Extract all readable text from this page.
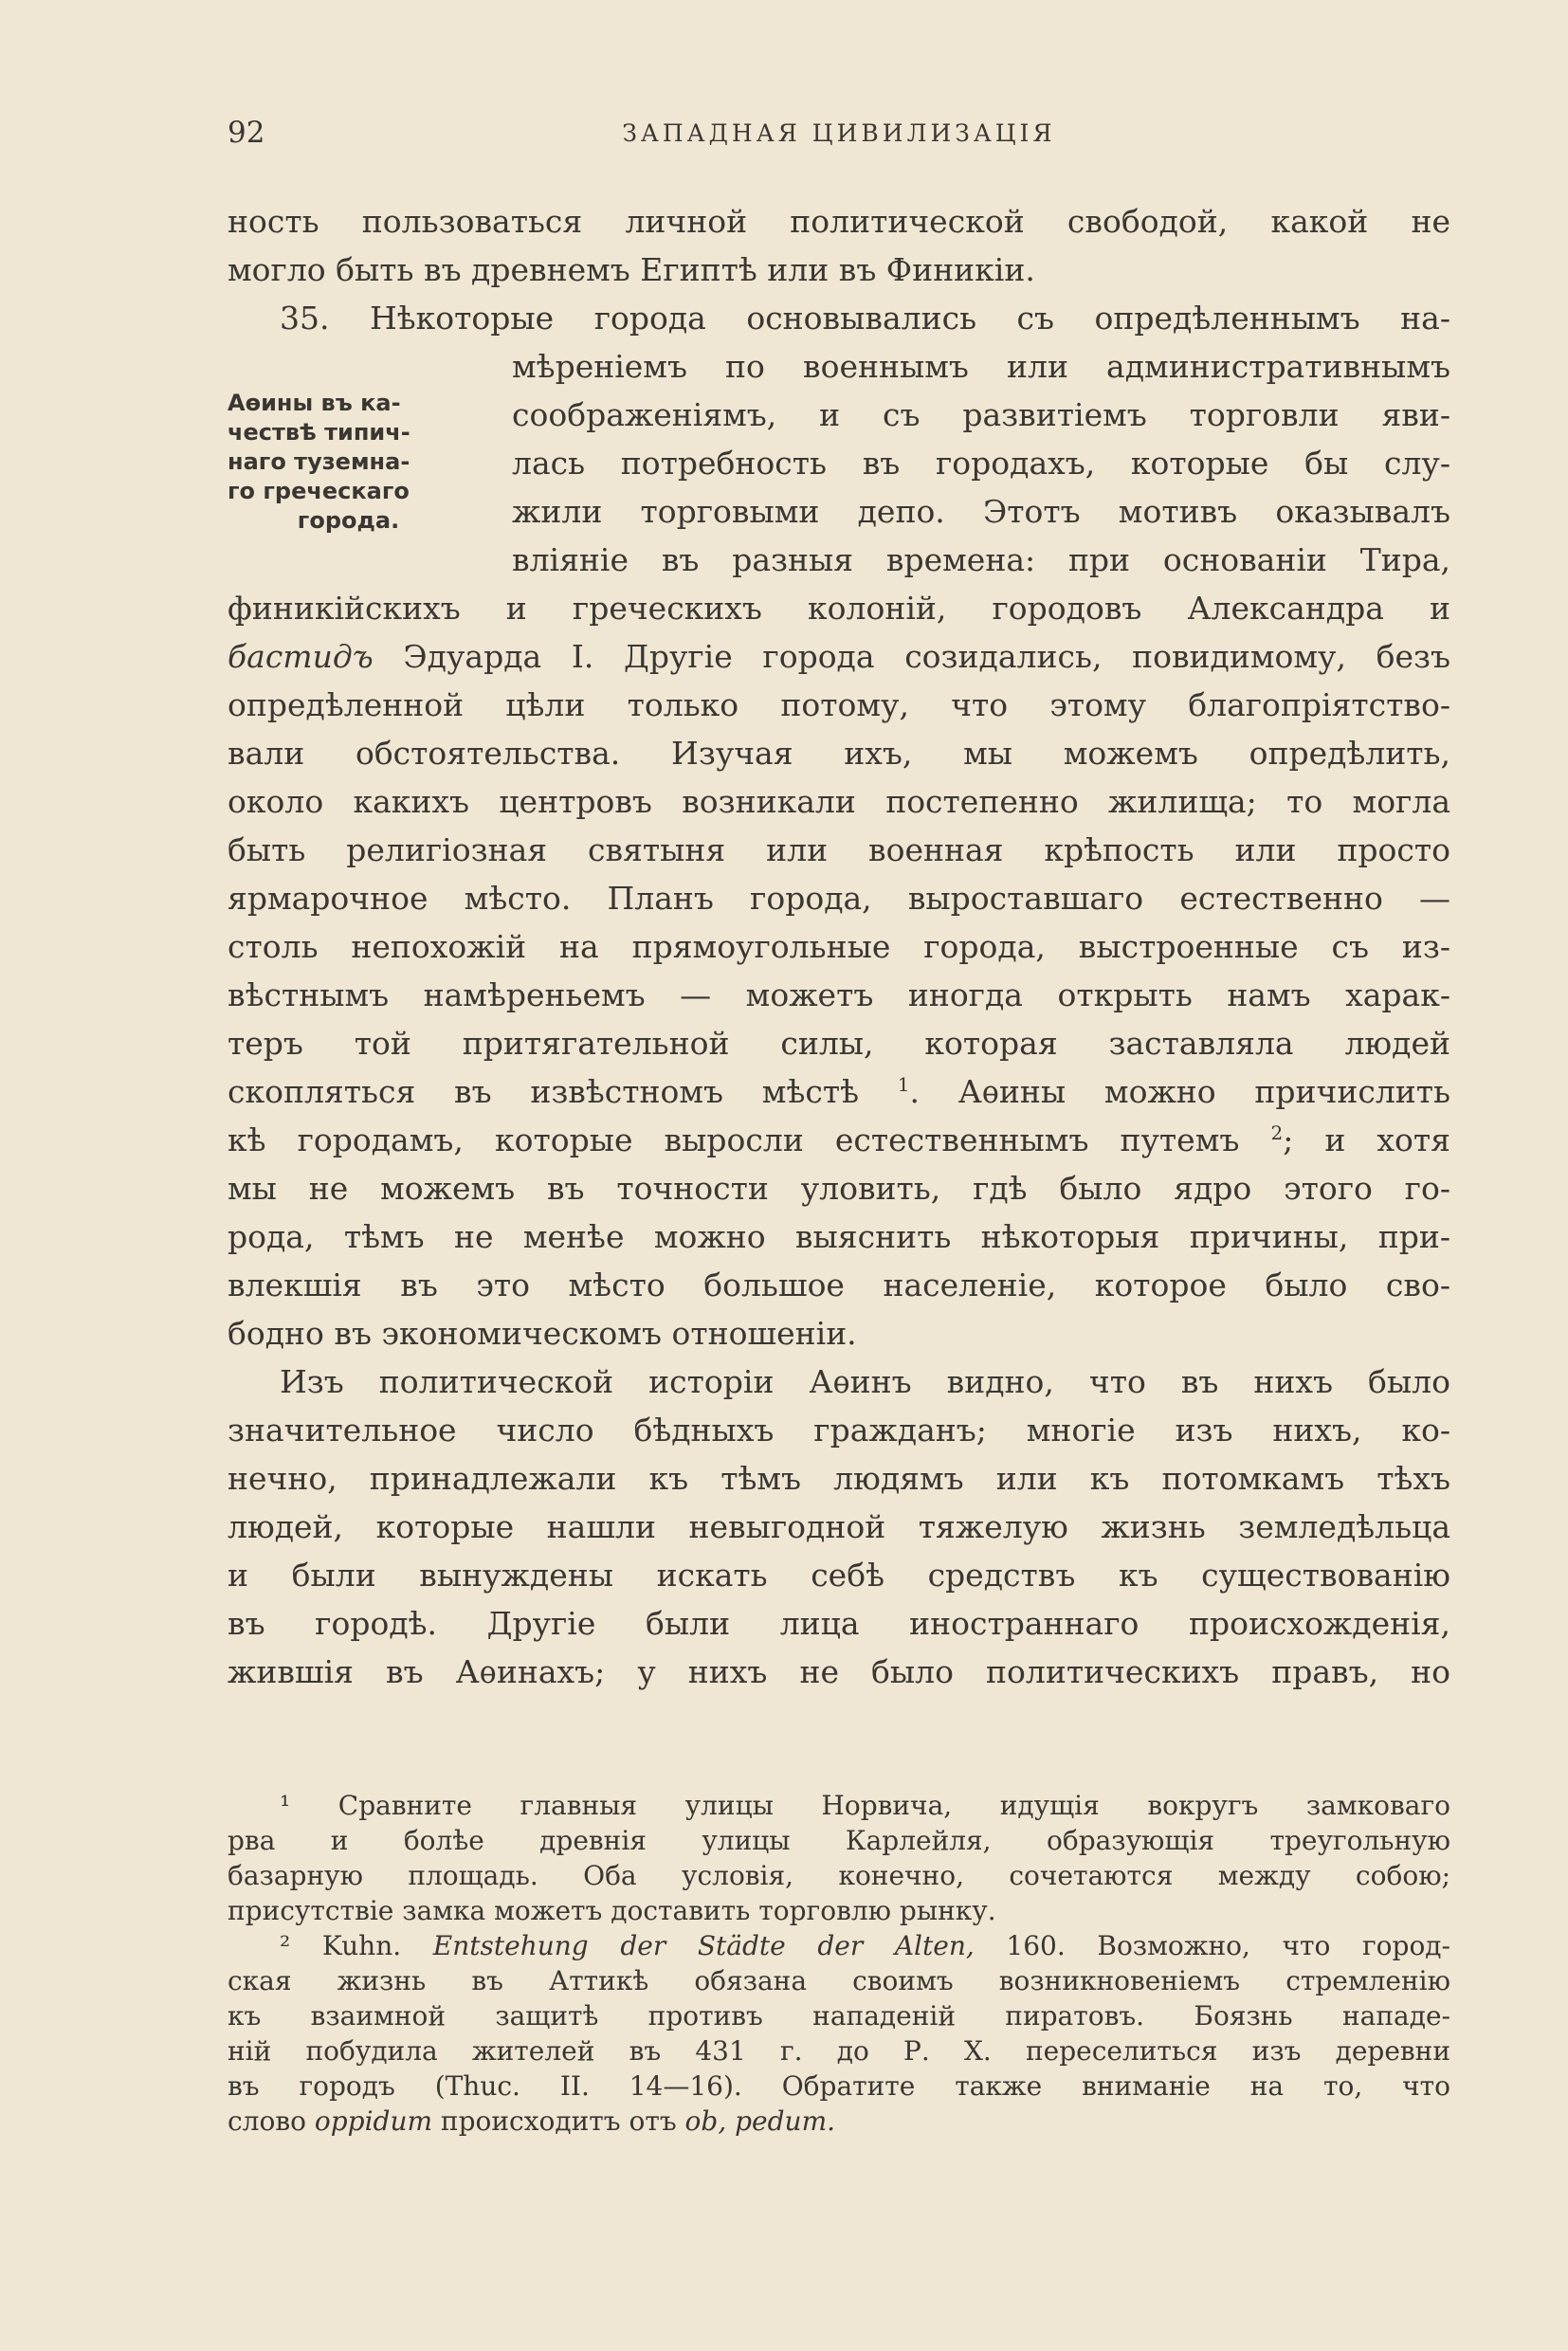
92	ЗАПАДНАЯ ЦИВИЛИЗАЦІЯ
Аѳины въ ка-
чествѣ типич-
наго туземна-
го греческаго
города.
ность пользоваться личной политической свободой, какой не
могло быть въ древнемъ Египтѣ или въ Финикіи.
35. Нѣкоторые города основывались съ опредѣленнымъ на-
мѣреніемъ по военнымъ или административнымъ
соображеніямъ, и съ развитіемъ торговли яви-
лась потребность въ городахъ, которые бы слу-
жили торговыми депо. Этотъ мотивъ оказывалъ
вліяніе въ разныя времена: при основаніи Тира,
финикійскихъ и греческихъ колоній, городовъ Александра и
бастидъ Эдуарда I. Другіе города созидались, повидимому, безъ
опредѣленной цѣли только потому, что этому благопріятство-
вали обстоятельства. Изучая ихъ, мы можемъ опредѣлить,
около какихъ центровъ возникали постепенно жилища; то могла
быть религіозная святыня или военная крѣпость или просто
ярмарочное мѣсто. Планъ города, выроставшаго естественно —
столь непохожій на прямоугольные города, выстроенные съ из-
вѣстнымъ намѣреньемъ — можетъ иногда открыть намъ харак-
теръ той притягательной силы, которая заставляла людей
скопляться въ извѣстномъ мѣстѣ $^1$. Аѳины можно причислить
кѣ городамъ, которые выросли естественнымъ путемъ $^2$; и хотя
мы не можемъ въ точности уловить, гдѣ было ядро этого го-
рода, тѣмъ не менѣе можно выяснить нѣкоторыя причины, при-
влекшія въ это мѣсто большое населеніе, которое было сво-
бодно въ экономическомъ отношеніи.
Изъ политической исторіи Аѳинъ видно, что въ нихъ было
значительное число бѣдныхъ гражданъ; многіе изъ нихъ, ко-
нечно, принадлежали къ тѣмъ людямъ или къ потомкамъ тѣхъ
людей, которые нашли невыгодной тяжелую жизнь земледѣльца
и были вынуждены искать себѣ средствъ къ существованію
въ городѣ. Другіе были лица иностраннаго происхожденія,
жившія въ Аѳинахъ; у нихъ не было политическихъ правъ, но
¹ Сравните главныя улицы Норвича, идущія вокругъ замковаго
рва и болѣе древнія улицы Карлейля, образующія треугольную
базарную площадь. Оба условія, конечно, сочетаются между собою;
присутствіе замка можетъ доставить торговлю рынку.
² Kuhn. Entstehung der Städte der Alten, 160. Возможно, что город-
ская жизнь въ Аттикѣ обязана своимъ возникновеніемъ стремленію
къ взаимной защитѣ противъ нападеній пиратовъ. Боязнь нападе-
ній побудила жителей въ 431 г. до Р. Х. переселиться изъ деревни
въ городъ (Thuc. II. 14—16). Обратите также вниманіе на то, что
слово oppidum происходитъ отъ ob, pedum.
